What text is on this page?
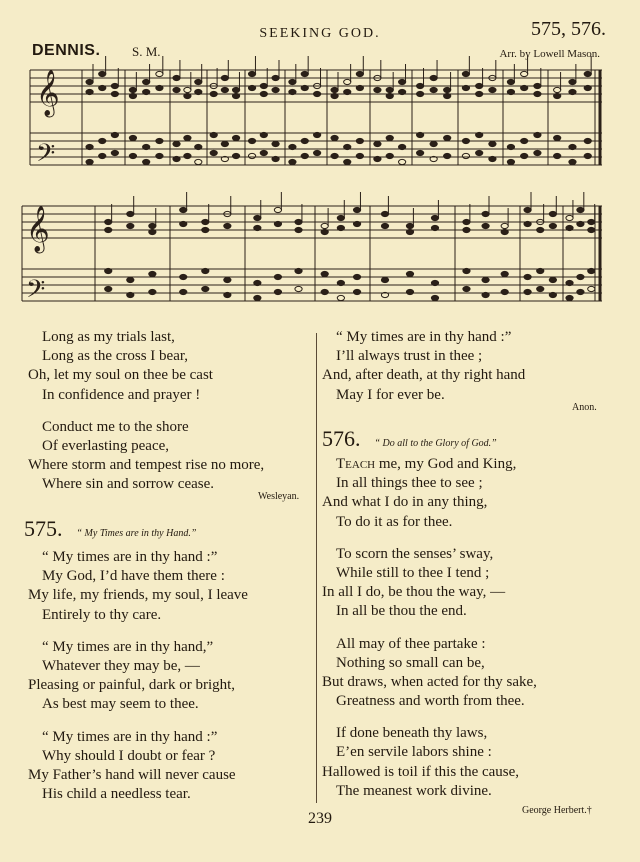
SEEKING GOD.	575, 576.
DENNIS. S. M.	Arr. by Lowell Mason.
𝄞
𝄢
𝄞
𝄢
Long as my trials last,
Long as the cross I bear,
Oh, let my soul on thee be cast
In confidence and prayer !
Conduct me to the shore
Of everlasting peace,
Where storm and tempest rise no more,
Where sin and sorrow cease.
Wesleyan.
575. “ My Times are in thy Hand.”
“ My times are in thy hand :”
My God, I’d have them there :
My life, my friends, my soul, I leave
Entirely to thy care.
“ My times are in thy hand,”
Whatever they may be, —
Pleasing or painful, dark or bright,
As best may seem to thee.
“ My times are in thy hand :”
Why should I doubt or fear ?
My Father’s hand will never cause
His child a needless tear.
“ My times are in thy hand :”
I’ll always trust in thee ;
And, after death, at thy right hand
May I for ever be.
Anon.
576. “ Do all to the Glory of God.”
Teach me, my God and King,
In all things thee to see ;
And what I do in any thing,
To do it as for thee.
To scorn the senses’ sway,
While still to thee I tend ;
In all I do, be thou the way, —
In all be thou the end.
All may of thee partake :
Nothing so small can be,
But draws, when acted for thy sake,
Greatness and worth from thee.
If done beneath thy laws,
E’en servile labors shine :
Hallowed is toil if this the cause,
The meanest work divine.
George Herbert.†
239
